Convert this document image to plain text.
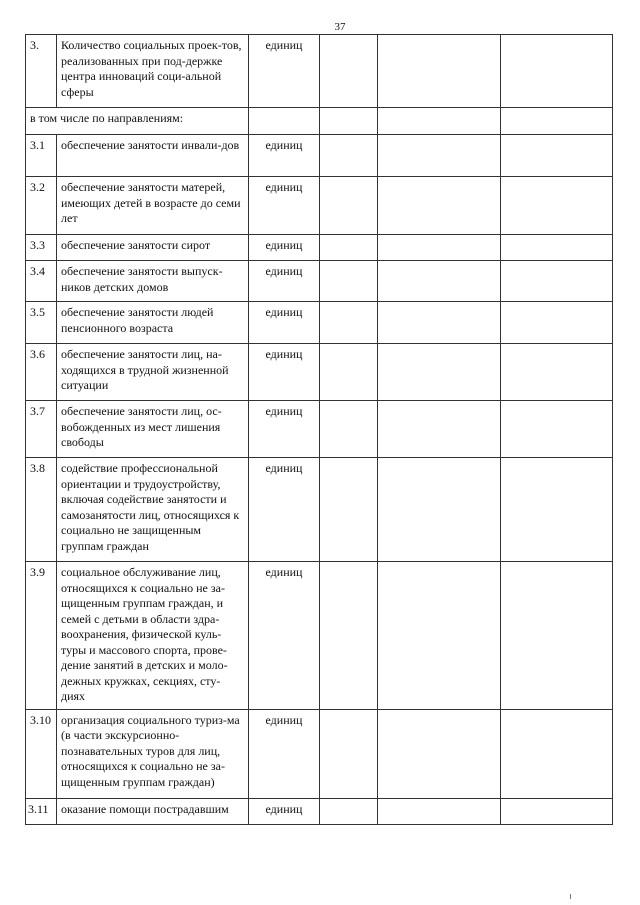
37
3.	Количество социальных проек-тов, реализованных при под-держке центра инноваций соци-альной сферы	единиц			
в том числе по направлениям:					
3.1	обеспечение занятости инвали-дов	единиц			
3.2	обеспечение занятости матерей, имеющих детей в возрасте до семи лет	единиц			
3.3	обеспечение занятости сирот	единиц			
3.4	обеспечение занятости выпуск-ников детских домов	единиц			
3.5	обеспечение занятости людей пенсионного возраста	единиц			
3.6	обеспечение занятости лиц, на-ходящихся в трудной жизненной ситуации	единиц			
3.7	обеспечение занятости лиц, ос-вобожденных из мест лишения свободы	единиц			
3.8	содействие профессиональной ориентации и трудоустройству, включая содействие занятости и самозанятости лиц, относящихся к социально не защищенным группам граждан	единиц			
3.9	социальное обслуживание лиц, относящихся к социально не за-щищенным группам граждан, и семей с детьми в области здра-воохранения, физической куль-туры и массового спорта, прове-дение занятий в детских и моло-дежных кружках, секциях, сту-диях	единиц			
3.10	организация социального туриз-ма (в части экскурсионно-познавательных туров для лиц, относящихся к социально не за-щищенным группам граждан)	единиц			
3.11	оказание помощи пострадавшим	единиц			
